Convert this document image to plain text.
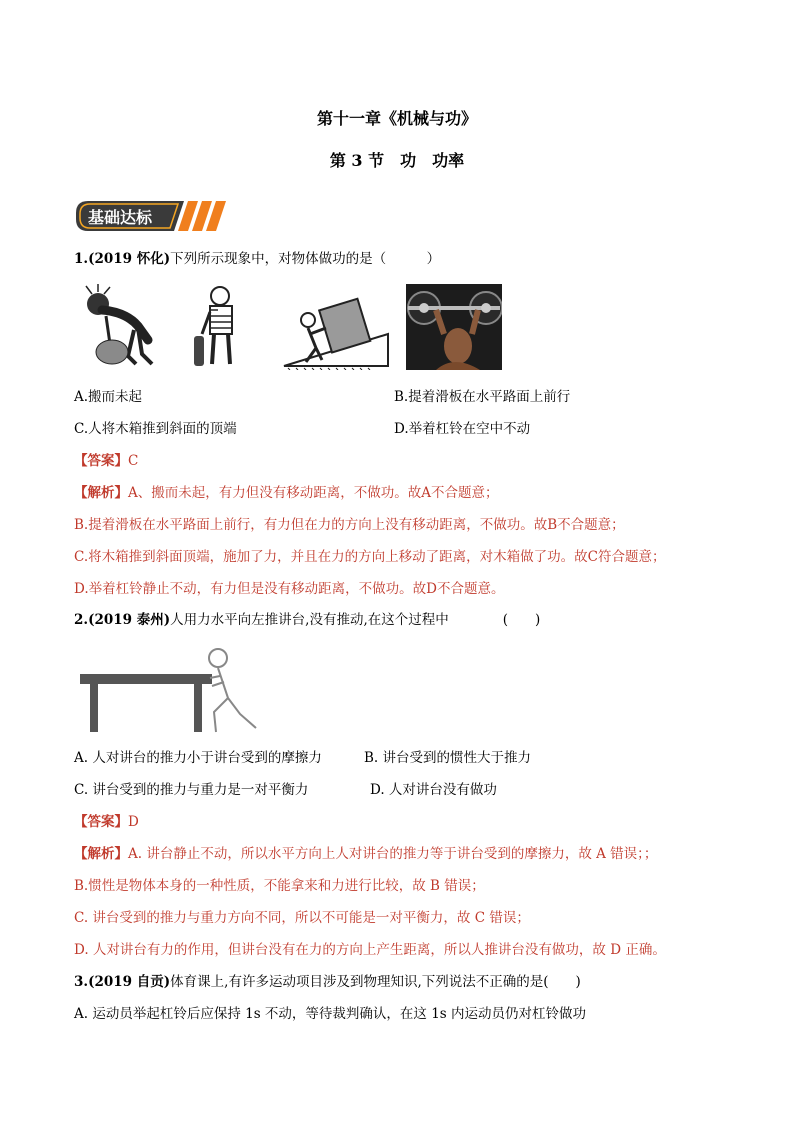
第十一章《机械与功》
第 3 节　功　功率
基础达标
1.(2019 怀化)下列所示现象中，对物体做功的是（　　　）
A.搬而未起	B.提着滑板在水平路面上前行
C.人将木箱推到斜面的顶端	D.举着杠铃在空中不动
【答案】C
【解析】A、搬而未起，有力但没有移动距离，不做功。故A不合题意；
B.提着滑板在水平路面上前行，有力但在力的方向上没有移动距离，不做功。故B不合题意；
C.将木箱推到斜面顶端，施加了力，并且在力的方向上移动了距离，对木箱做了功。故C符合题意；
D.举着杠铃静止不动，有力但是没有移动距离，不做功。故D不合题意。
2.(2019 泰州)人用力水平向左推讲台,没有推动,在这个过程中　　　　(　　)
A. 人对讲台的推力小于讲台受到的摩擦力	B. 讲台受到的惯性大于推力
C. 讲台受到的推力与重力是一对平衡力	D. 人对讲台没有做功
【答案】D
【解析】A. 讲台静止不动，所以水平方向上人对讲台的推力等于讲台受到的摩擦力，故 A 错误；；
B.惯性是物体本身的一种性质，不能拿来和力进行比较，故 B 错误；
C. 讲台受到的推力与重力方向不同，所以不可能是一对平衡力，故 C 错误；
D. 人对讲台有力的作用，但讲台没有在力的方向上产生距离，所以人推讲台没有做功，故 D 正确。
3.(2019 自贡)体育课上,有许多运动项目涉及到物理知识,下列说法不正确的是(　　)
A. 运动员举起杠铃后应保持 1s 不动，等待裁判确认，在这 1s 内运动员仍对杠铃做功
